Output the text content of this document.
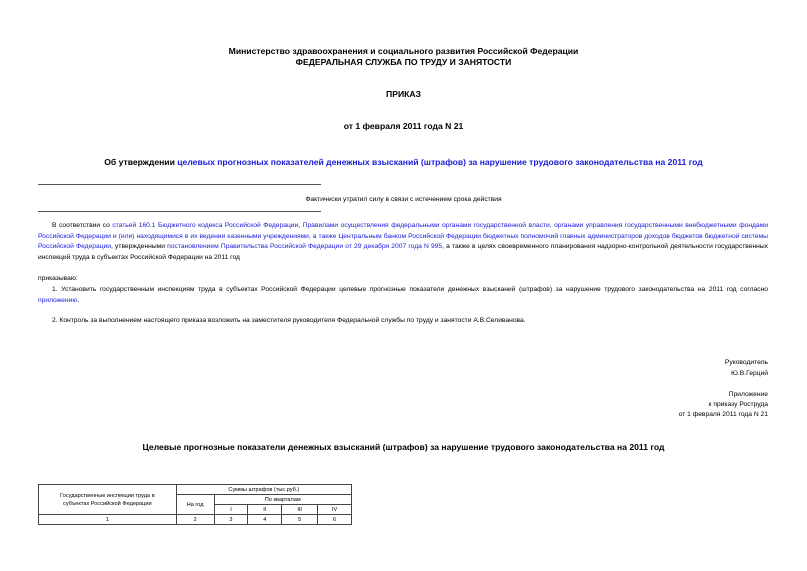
Министерство здравоохранения и социального развития Российской Федерации
ФЕДЕРАЛЬНАЯ СЛУЖБА ПО ТРУДУ И ЗАНЯТОСТИ
ПРИКАЗ
от 1 февраля 2011 года N 21
Об утверждении целевых прогнозных показателей денежных взысканий (штрафов) за нарушение трудового законодательства на 2011 год
Фактически утратил силу в связи с истечением срока действия
В соответствии со статьей 160.1 Бюджетного кодекса Российской Федерации, Правилами осуществления федеральными органами государственной власти, органами управления государственными внебюджетными фондами Российской Федерации и (или) находящимися в их ведении казенными учреждениями, а также Центральным банком Российской Федерации бюджетных полномочий главных администраторов доходов бюджетов бюджетной системы Российской Федерации, утвержденными постановлением Правительства Российской Федерации от 29 декабря 2007 года N 995, а также в целях своевременного планирования надзорно-контрольной деятельности государственных инспекций труда в субъектах Российской Федерации на 2011 год
приказываю:
1. Установить государственным инспекциям труда в субъектах Российской Федерации целевые прогнозные показатели денежных взысканий (штрафов) за нарушение трудового законодательства на 2011 год согласно приложению.
2. Контроль за выполнением настоящего приказа возложить на заместителя руководителя Федеральной службы по труду и занятости А.В.Селиванова.
Руководитель
Ю.В.Герций
Приложение
к приказу Роструда
от 1 февраля 2011 года N 21
Целевые прогнозные показатели денежных взысканий (штрафов) за нарушение трудового законодательства на 2011 год
Государственные инспекции труда в субъектах Российской Федерации	Суммы штрафов (тыс.руб.)				
	На год	По кварталам			
		I	II	III	IV
1	2	3	4	5	6
